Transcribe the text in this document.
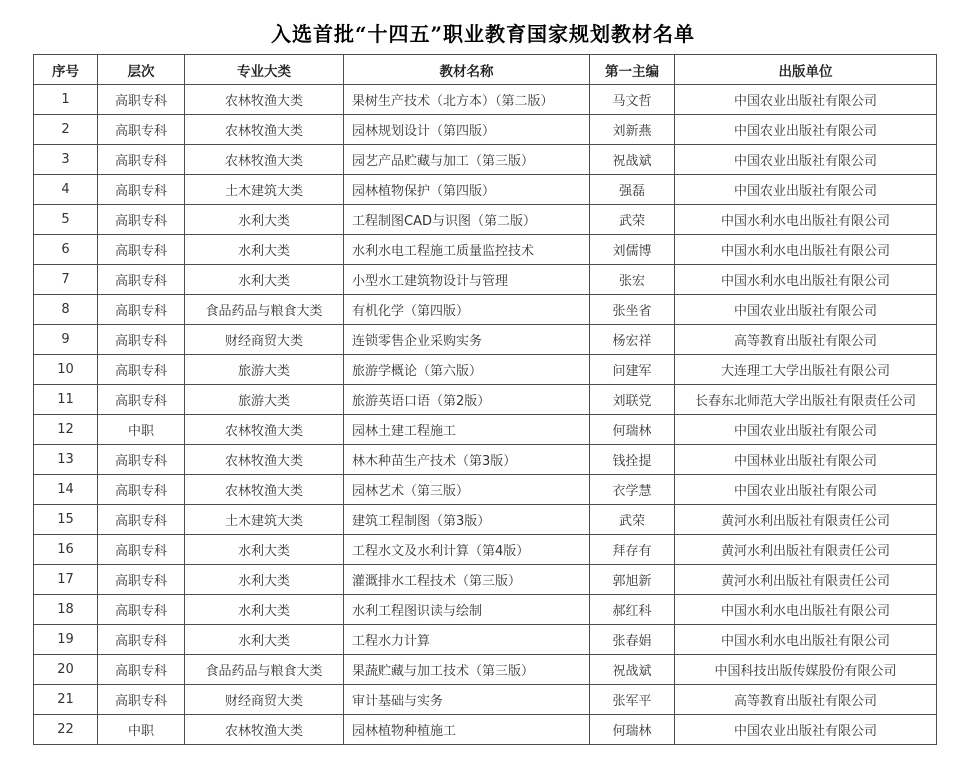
入选首批“十四五”职业教育国家规划教材名单
序号	层次	专业大类	教材名称	第一主编	出版单位
1	高职专科	农林牧渔大类	果树生产技术（北方本）（第二版）	马文哲	中国农业出版社有限公司
2	高职专科	农林牧渔大类	园林规划设计（第四版）	刘新燕	中国农业出版社有限公司
3	高职专科	农林牧渔大类	园艺产品贮藏与加工（第三版）	祝战斌	中国农业出版社有限公司
4	高职专科	土木建筑大类	园林植物保护（第四版）	强磊	中国农业出版社有限公司
5	高职专科	水利大类	工程制图CAD与识图（第二版）	武荣	中国水利水电出版社有限公司
6	高职专科	水利大类	水利水电工程施工质量监控技术	刘儒博	中国水利水电出版社有限公司
7	高职专科	水利大类	小型水工建筑物设计与管理	张宏	中国水利水电出版社有限公司
8	高职专科	食品药品与粮食大类	有机化学（第四版）	张坐省	中国农业出版社有限公司
9	高职专科	财经商贸大类	连锁零售企业采购实务	杨宏祥	高等教育出版社有限公司
10	高职专科	旅游大类	旅游学概论（第六版）	问建军	大连理工大学出版社有限公司
11	高职专科	旅游大类	旅游英语口语（第2版）	刘联党	长春东北师范大学出版社有限责任公司
12	中职	农林牧渔大类	园林土建工程施工	何瑞林	中国农业出版社有限公司
13	高职专科	农林牧渔大类	林木种苗生产技术（第3版）	钱拴提	中国林业出版社有限公司
14	高职专科	农林牧渔大类	园林艺术（第三版）	衣学慧	中国农业出版社有限公司
15	高职专科	土木建筑大类	建筑工程制图（第3版）	武荣	黄河水利出版社有限责任公司
16	高职专科	水利大类	工程水文及水利计算（第4版）	拜存有	黄河水利出版社有限责任公司
17	高职专科	水利大类	灌溉排水工程技术（第三版）	郭旭新	黄河水利出版社有限责任公司
18	高职专科	水利大类	水利工程图识读与绘制	郝红科	中国水利水电出版社有限公司
19	高职专科	水利大类	工程水力计算	张春娟	中国水利水电出版社有限公司
20	高职专科	食品药品与粮食大类	果蔬贮藏与加工技术（第三版）	祝战斌	中国科技出版传媒股份有限公司
21	高职专科	财经商贸大类	审计基础与实务	张军平	高等教育出版社有限公司
22	中职	农林牧渔大类	园林植物种植施工	何瑞林	中国农业出版社有限公司
